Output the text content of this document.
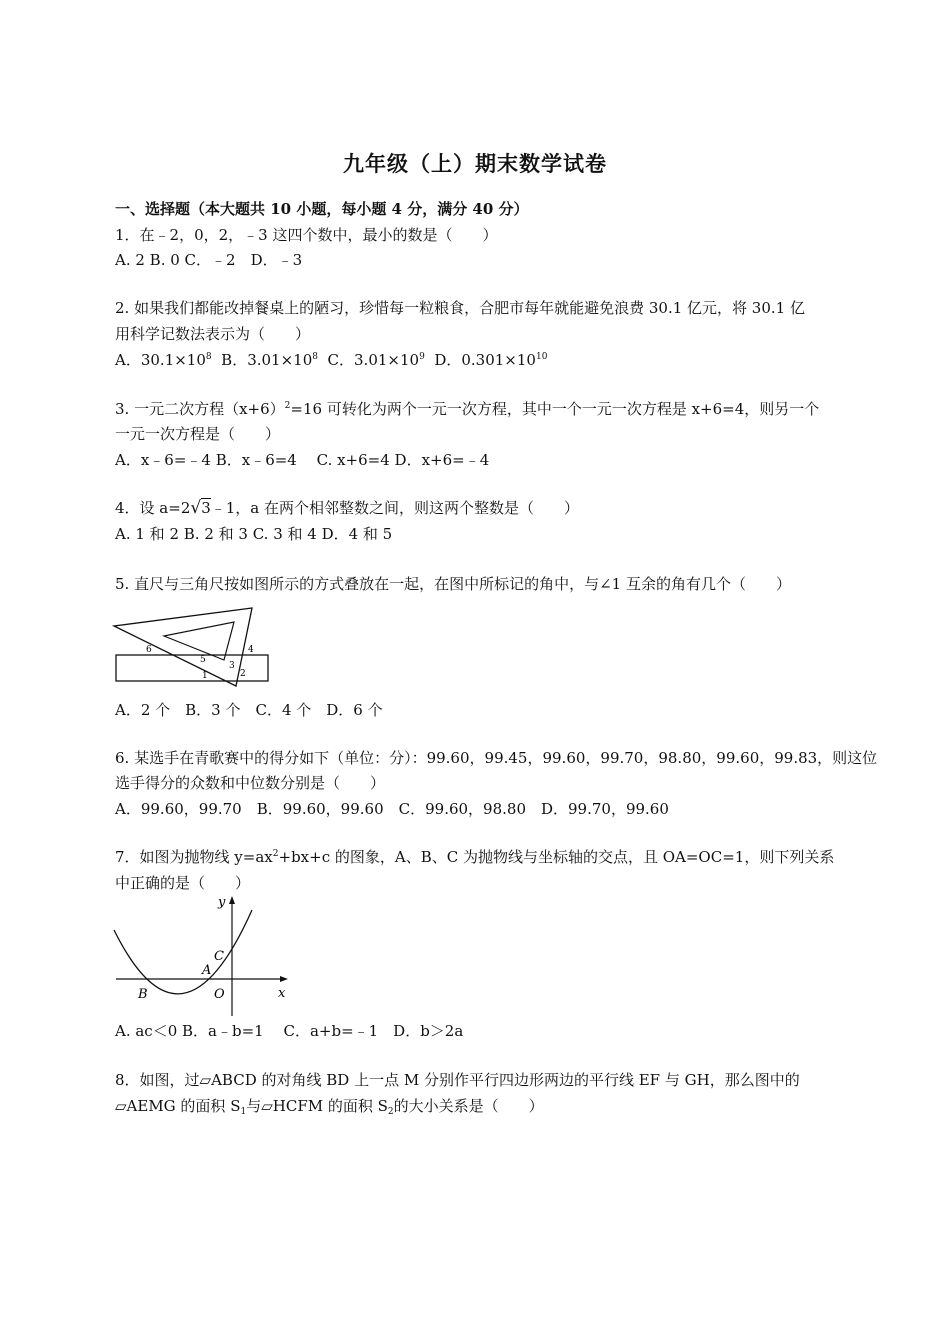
九年级（上）期末数学试卷
一、选择题（本大题共 10 小题，每小题 4 分，满分 40 分）
1．在﹣2，0，2，﹣3 这四个数中，最小的数是（　　）
A. 2 B. 0 C．﹣2　D．﹣3
2. 如果我们都能改掉餐桌上的陋习，珍惜每一粒粮食，合肥市每年就能避免浪费 30.1 亿元，将 30.1 亿
用科学记数法表示为（　　）
A．$30.1\times 10^8$ B．$3.01\times 10^8$ C．$3.01\times 10^9$ D．$0.301\times 10^{10}$
3. 一元二次方程$(x+6)^2=16$ 可转化为两个一元一次方程，其中一个一元一次方程是 x+6=4，则另一个
一元一次方程是（　　）
A．x﹣6=﹣4 B．x﹣6=4　 C. x+6=4 D．x+6=﹣4
4．设 a=2√3﹣1，a 在两个相邻整数之间，则这两个整数是（　　）
A. 1 和 2 B. 2 和 3 C. 3 和 4 D．4 和 5
5. 直尺与三角尺按如图所示的方式叠放在一起，在图中所标记的角中，与∠1 互余的角有几个（　　）
6
5
1
3
4
2
A．2 个　B．3 个　C．4 个　D．6 个
6. 某选手在青歌赛中的得分如下（单位：分）：99.60，99.45，99.60，99.70，98.80，99.60，99.83，则这位
选手得分的众数和中位数分别是（　　）
A．99.60，99.70　B．99.60，99.60　C．99.60，98.80　D．99.70，99.60
7．如图为抛物线 $y=ax^2+bx+c$ 的图象，A、B、C 为抛物线与坐标轴的交点，且 OA=OC=1，则下列关系
中正确的是（　　）
y
x
C
A
B	O
A. ac＜0 B．a﹣b=1　 C．a+b=﹣1　D．b＞2a
8．如图，过▱ABCD 的对角线 BD 上一点 M 分别作平行四边形两边的平行线 EF 与 GH，那么图中的
▱AEMG 的面积 $S_1$与▱HCFM 的面积 $S_2$的大小关系是（　　）
